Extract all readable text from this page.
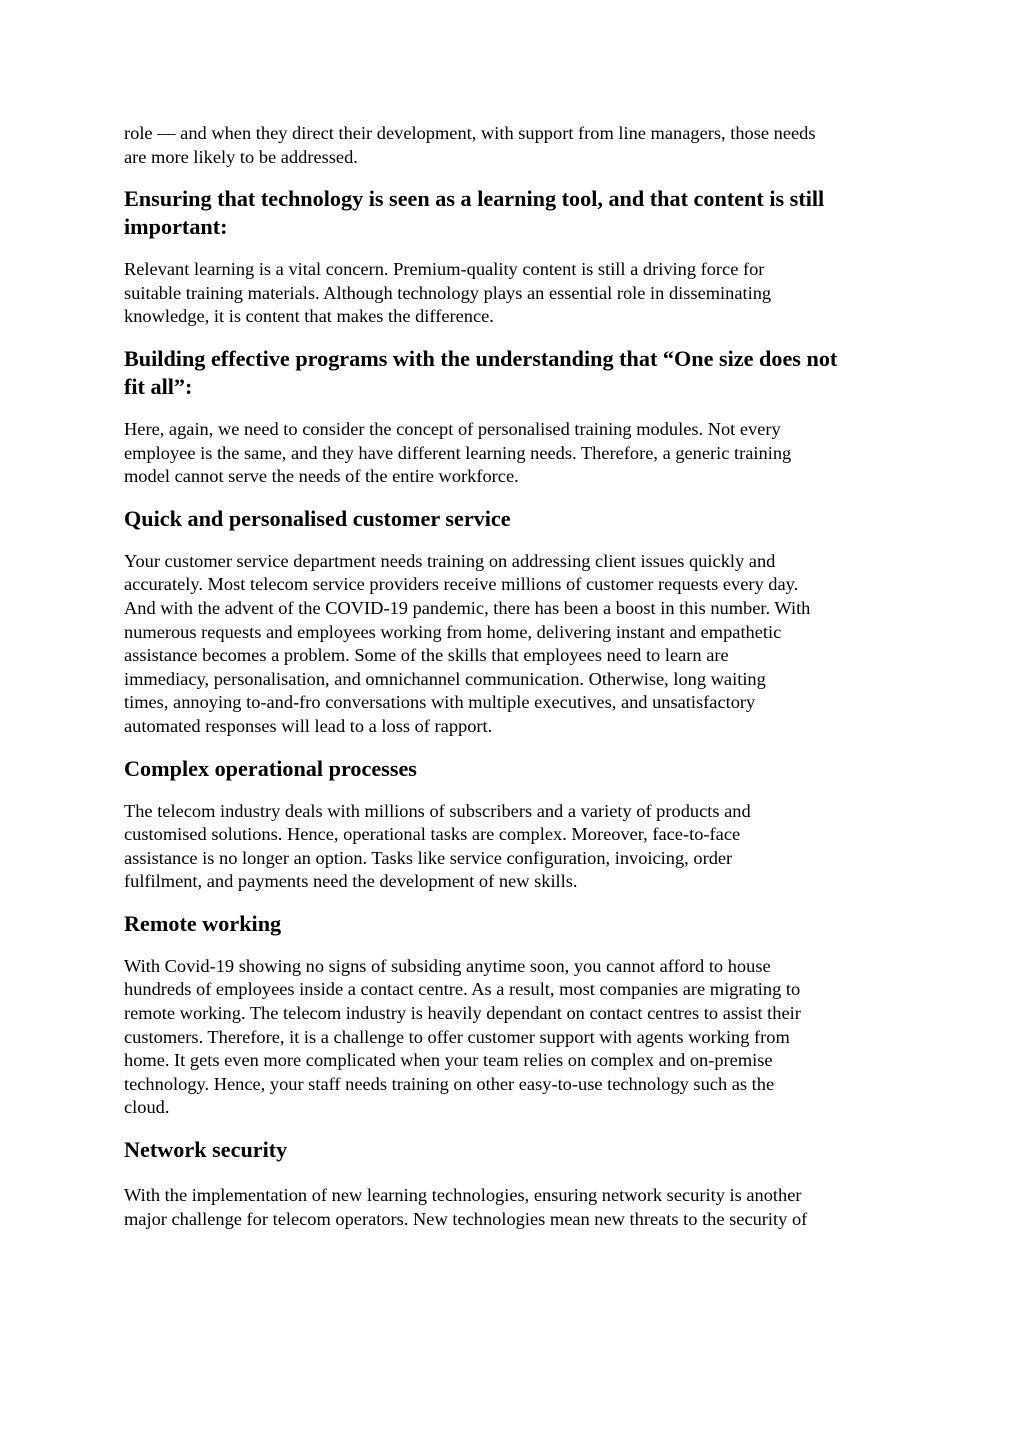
role — and when they direct their development, with support from line managers, those needs
are more likely to be addressed.

Ensuring that technology is seen as a learning tool, and that content is still
important:

Relevant learning is a vital concern. Premium-quality content is still a driving force for
suitable training materials. Although technology plays an essential role in disseminating
knowledge, it is content that makes the difference.

Building effective programs with the understanding that “One size does not
fit all”:

Here, again, we need to consider the concept of personalised training modules. Not every
employee is the same, and they have different learning needs. Therefore, a generic training
model cannot serve the needs of the entire workforce.

Quick and personalised customer service

Your customer service department needs training on addressing client issues quickly and
accurately. Most telecom service providers receive millions of customer requests every day.
And with the advent of the COVID-19 pandemic, there has been a boost in this number. With
numerous requests and employees working from home, delivering instant and empathetic
assistance becomes a problem. Some of the skills that employees need to learn are
immediacy, personalisation, and omnichannel communication. Otherwise, long waiting
times, annoying to-and-fro conversations with multiple executives, and unsatisfactory
automated responses will lead to a loss of rapport.

Complex operational processes

The telecom industry deals with millions of subscribers and a variety of products and
customised solutions. Hence, operational tasks are complex. Moreover, face-to-face
assistance is no longer an option. Tasks like service configuration, invoicing, order
fulfilment, and payments need the development of new skills.

Remote working

With Covid-19 showing no signs of subsiding anytime soon, you cannot afford to house
hundreds of employees inside a contact centre. As a result, most companies are migrating to
remote working. The telecom industry is heavily dependant on contact centres to assist their
customers. Therefore, it is a challenge to offer customer support with agents working from
home. It gets even more complicated when your team relies on complex and on-premise
technology. Hence, your staff needs training on other easy-to-use technology such as the
cloud.

Network security

With the implementation of new learning technologies, ensuring network security is another
major challenge for telecom operators. New technologies mean new threats to the security of
